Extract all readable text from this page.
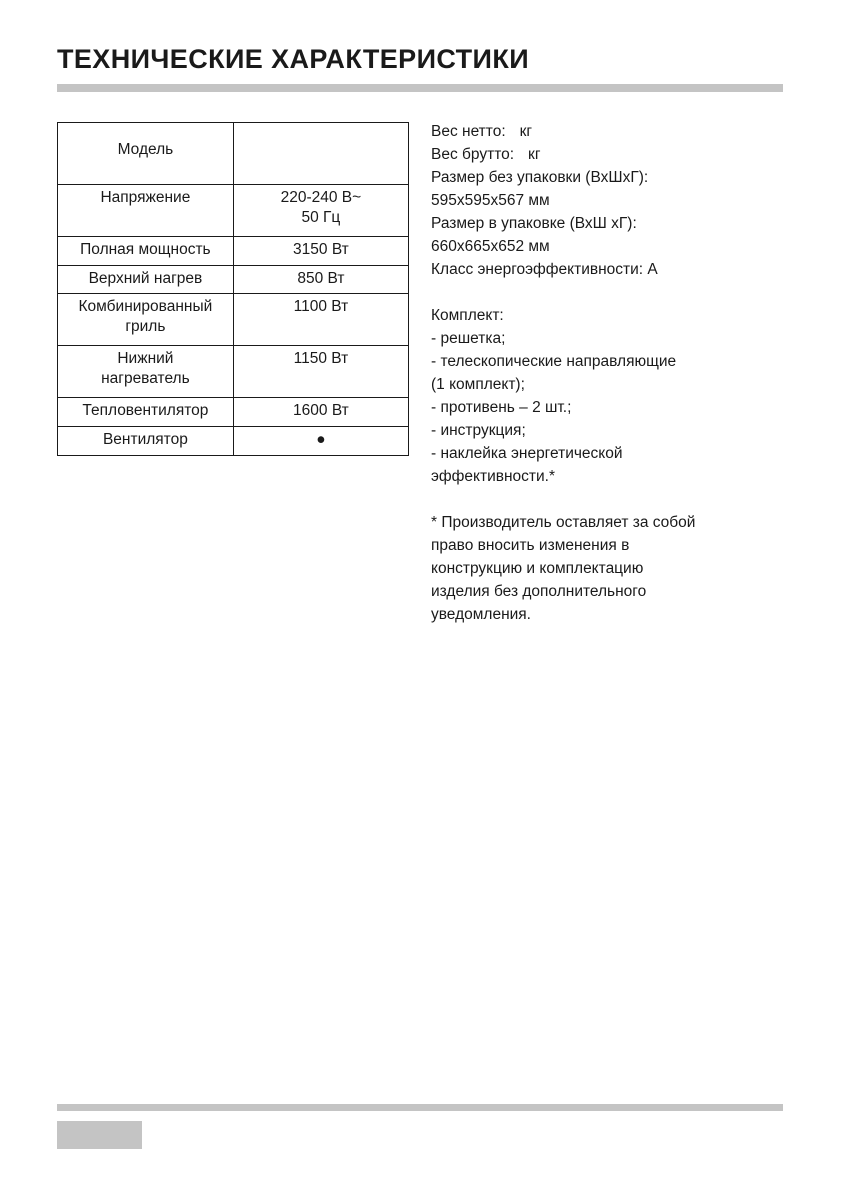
ТЕХНИЧЕСКИЕ ХАРАКТЕРИСТИКИ
Модель	
Напряжение	220-240 В~
50 Гц
Полная мощность	3150 Вт
Верхний нагрев	850 Вт
Комбинированный
гриль	1100 Вт
Нижний
нагреватель	1150 Вт
Тепловентилятор	1600 Вт
Вентилятор	●
Вес нетто: кг
Вес брутто: кг
Размер без упаковки (ВхШхГ):
595х595х567 мм
Размер в упаковке (ВхШ хГ):
660х665х652 мм
Класс энергоэффективности: А
Комплект:
- решетка;
- телескопические направляющие
(1 комплект);
- противень – 2 шт.;
- инструкция;
- наклейка энергетической
эффективности.*
* Производитель оставляет за собой
право вносить изменения в
конструкцию и комплектацию
изделия без дополнительного
уведомления.
